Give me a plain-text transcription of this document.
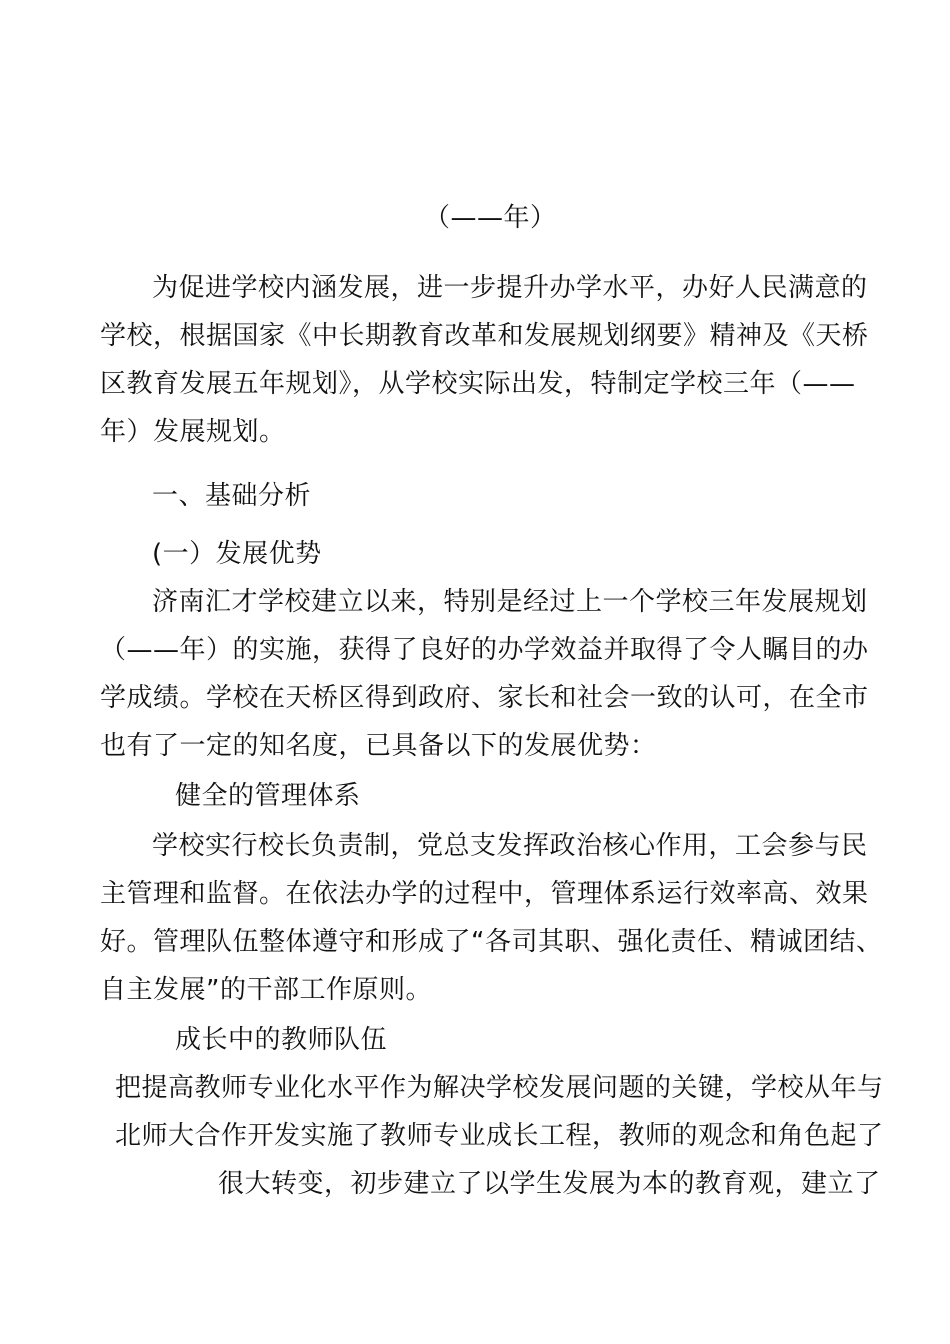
（——年）
为促进学校内涵发展，进一步提升办学水平，办好人民满意的
学校，根据国家《中长期教育改革和发展规划纲要》精神及《天桥
区教育发展五年规划》，从学校实际出发，特制定学校三年（——
年）发展规划。
一、基础分析
(一）发展优势
济南汇才学校建立以来，特别是经过上一个学校三年发展规划
（——年）的实施，获得了良好的办学效益并取得了令人瞩目的办
学成绩。学校在天桥区得到政府、家长和社会一致的认可，在全市
也有了一定的知名度，已具备以下的发展优势：
健全的管理体系
学校实行校长负责制，党总支发挥政治核心作用，工会参与民
主管理和监督。在依法办学的过程中，管理体系运行效率高、效果
好。管理队伍整体遵守和形成了“各司其职、强化责任、精诚团结、
自主发展”的干部工作原则。
成长中的教师队伍
把提高教师专业化水平作为解决学校发展问题的关键，学校从年与
北师大合作开发实施了教师专业成长工程，教师的观念和角色起了
很大转变，初步建立了以学生发展为本的教育观，建立了
